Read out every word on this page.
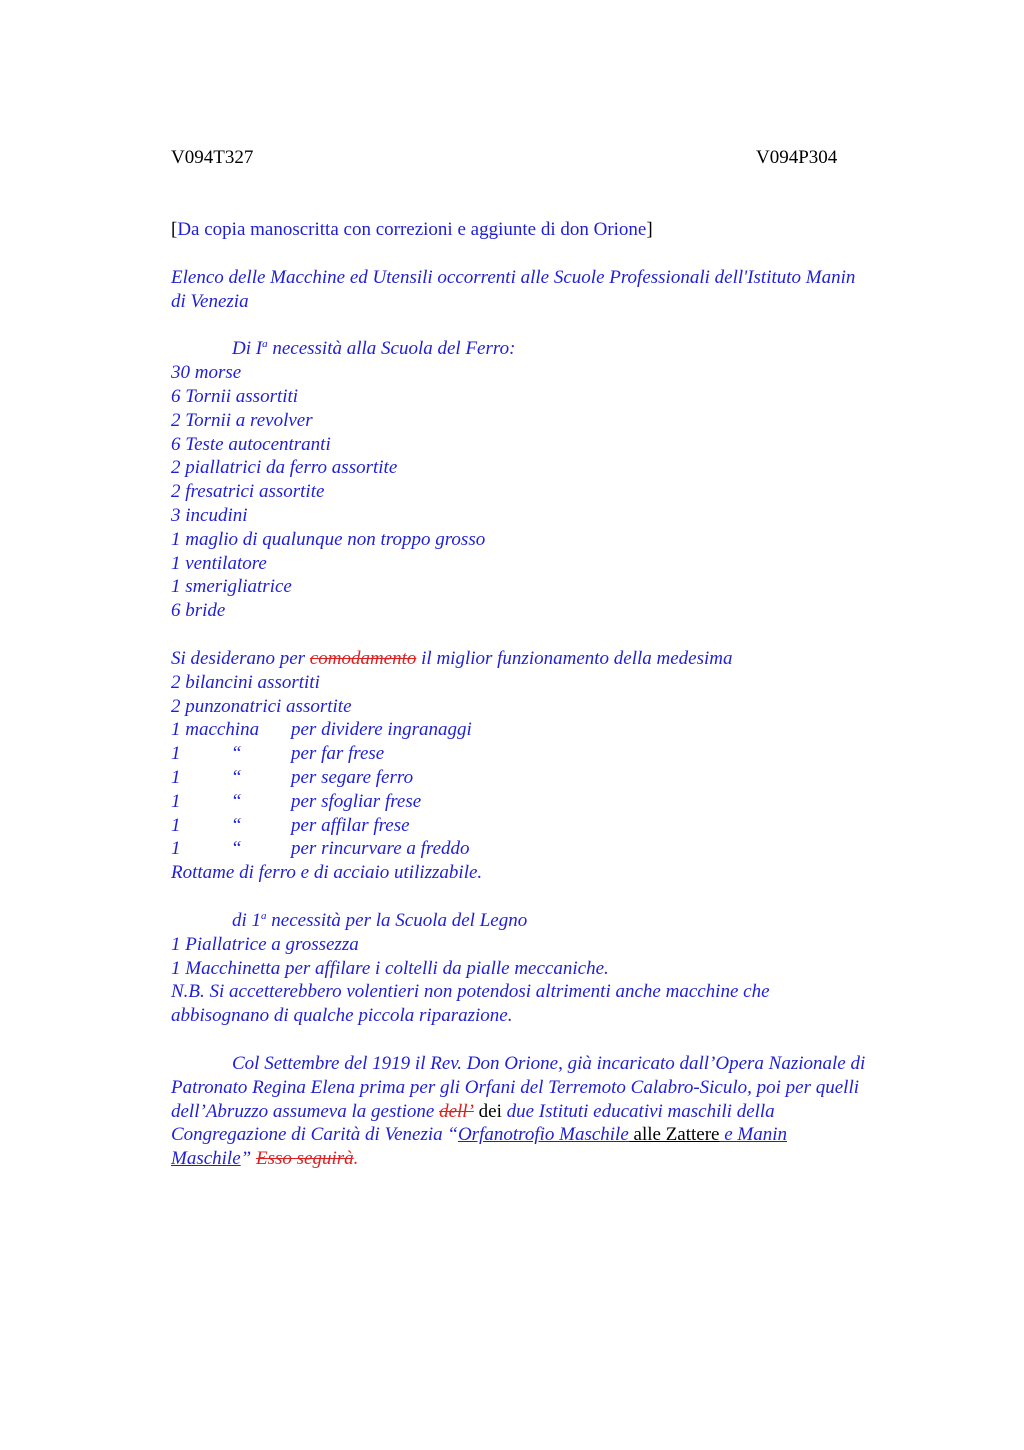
V094T327	V094P304
[Da copia manoscritta con correzioni e aggiunte di don Orione]
Elenco delle Macchine ed Utensili occorrenti alle Scuole Professionali dell'Istituto Manin
di Venezia
Di $I^a$ necessità alla Scuola del Ferro:
30 morse
6 Tornii assortiti
2 Tornii a revolver
6 Teste autocentranti
2 piallatrici da ferro assortite
2 fresatrici assortite
3 incudini
1 maglio di qualunque non troppo grosso
1 ventilatore
1 smerigliatrice
6 bride
Si desiderano per comodamento il miglior funzionamento della medesima
2 bilancini assortiti
2 punzonatrici assortite
1 macchina per dividere ingranaggi
1	“	per far frese
1	“	per segare ferro
1	“	per sfogliar frese
1	“	per affilar frese
1	“	per rincurvare a freddo
Rottame di ferro e di acciaio utilizzabile.
di 1$^a$ necessità per la Scuola del Legno
1 Piallatrice a grossezza
1 Macchinetta per affilare i coltelli da pialle meccaniche.
N.B. Si accetterebbero volentieri non potendosi altrimenti anche macchine che
abbisognano di qualche piccola riparazione.
Col Settembre del 1919 il Rev. Don Orione, già incaricato dall’Opera Nazionale di
Patronato Regina Elena prima per gli Orfani del Terremoto Calabro-Siculo, poi per quelli
dell’Abruzzo assumeva la gestione dell’ dei due Istituti educativi maschili della
Congregazione di Carità di Venezia “Orfanotrofio Maschile alle Zattere e Manin
Maschile” Esso seguirà.
